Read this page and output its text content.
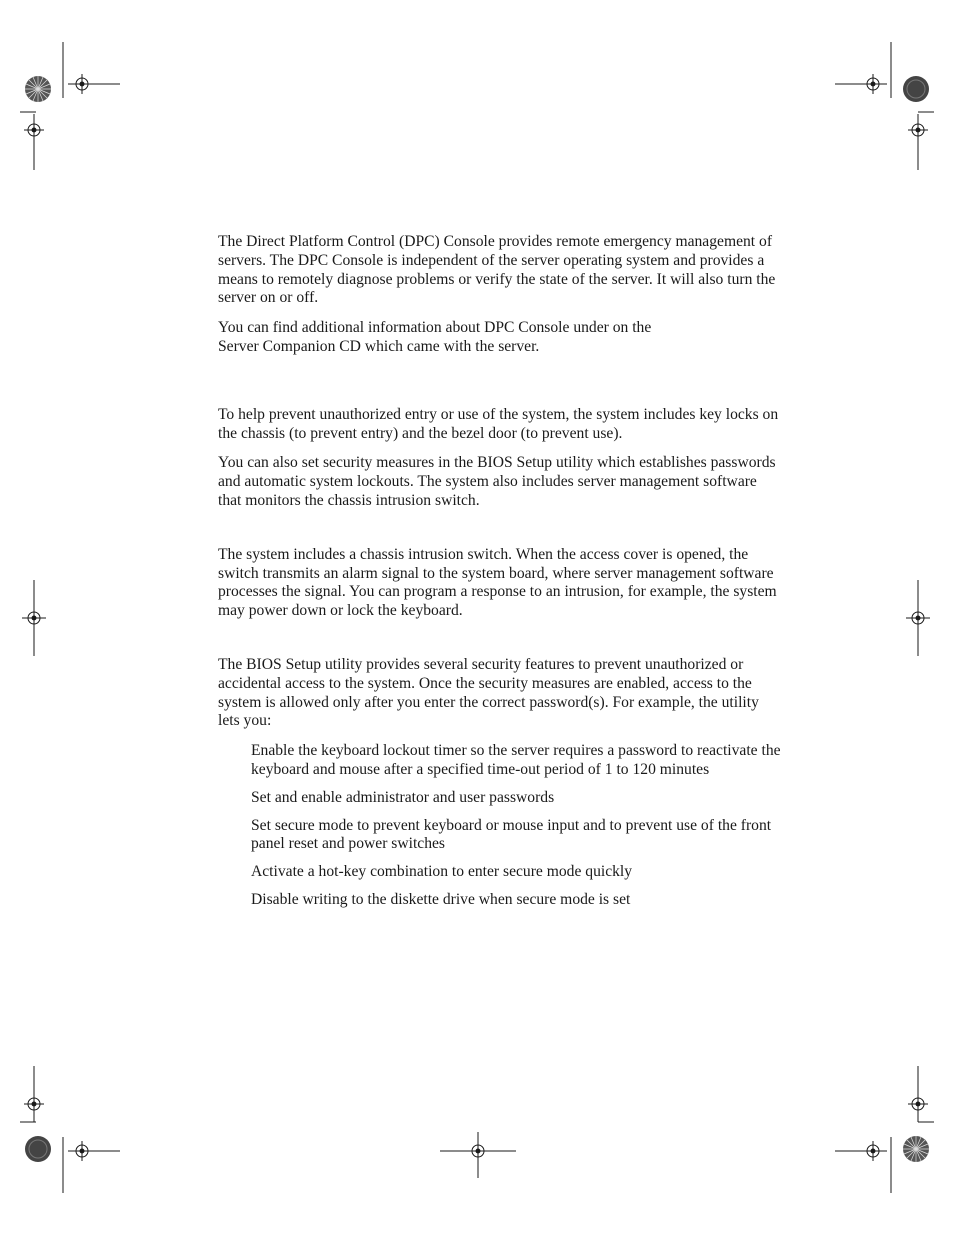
The Direct Platform Control (DPC) Console provides remote emergency management of servers. The DPC Console is independent of the server operating system and provides a means to remotely diagnose problems or verify the state of the server. It will also turn the server on or off.

You can find additional information about DPC Console under on the Server Companion CD which came with the server.

To help prevent unauthorized entry or use of the system, the system includes key locks on the chassis (to prevent entry) and the bezel door (to prevent use).

You can also set security measures in the BIOS Setup utility which establishes passwords and automatic system lockouts. The system also includes server management software that monitors the chassis intrusion switch.

The system includes a chassis intrusion switch. When the access cover is opened, the switch transmits an alarm signal to the system board, where server management software processes the signal. You can program a response to an intrusion, for example, the system may power down or lock the keyboard.

The BIOS Setup utility provides several security features to prevent unauthorized or accidental access to the system. Once the security measures are enabled, access to the system is allowed only after you enter the correct password(s). For example, the utility lets you:

Enable the keyboard lockout timer so the server requires a password to reactivate the keyboard and mouse after a specified time-out period of 1 to 120 minutes
Set and enable administrator and user passwords
Set secure mode to prevent keyboard or mouse input and to prevent use of the front panel reset and power switches
Activate a hot-key combination to enter secure mode quickly
Disable writing to the diskette drive when secure mode is set
